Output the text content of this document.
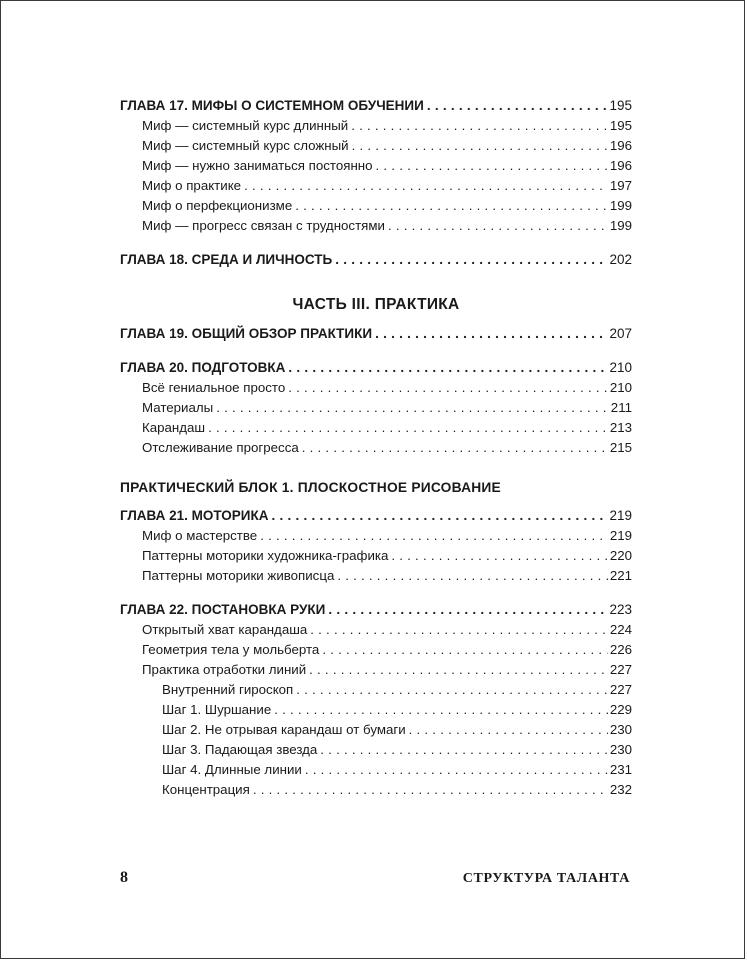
ГЛАВА 17. МИФЫ О СИСТЕМНОМ ОБУЧЕНИИ . . .	195
Миф — системный курс длинный . . .	195
Миф — системный курс сложный . . .	196
Миф — нужно заниматься постоянно . . .	196
Миф о практике . . .	197
Миф о перфекционизме . . .	199
Миф — прогресс связан с трудностями . . .	199
ГЛАВА 18. СРЕДА И ЛИЧНОСТЬ . . .	202
ЧАСТЬ III. ПРАКТИКА
ГЛАВА 19. ОБЩИЙ ОБЗОР ПРАКТИКИ . . .	207
ГЛАВА 20. ПОДГОТОВКА . . .	210
Всё гениальное просто . . .	210
Материалы . . .	211
Карандаш . . .	213
Отслеживание прогресса . . .	215
ПРАКТИЧЕСКИЙ БЛОК 1. ПЛОСКОСТНОЕ РИСОВАНИЕ
ГЛАВА 21. МОТОРИКА . . .	219
Миф о мастерстве . . .	219
Паттерны моторики художника-графика . . .	220
Паттерны моторики живописца . . .	221
ГЛАВА 22. ПОСТАНОВКА РУКИ . . .	223
Открытый хват карандаша . . .	224
Геометрия тела у мольберта . . .	226
Практика отработки линий . . .	227
Внутренний гироскоп . . .	227
Шаг 1. Шуршание . . .	229
Шаг 2. Не отрывая карандаш от бумаги . . .	230
Шаг 3. Падающая звезда . . .	230
Шаг 4. Длинные линии . . .	231
Концентрация . . .	232
8	СТРУКТУРА ТАЛАНТА
